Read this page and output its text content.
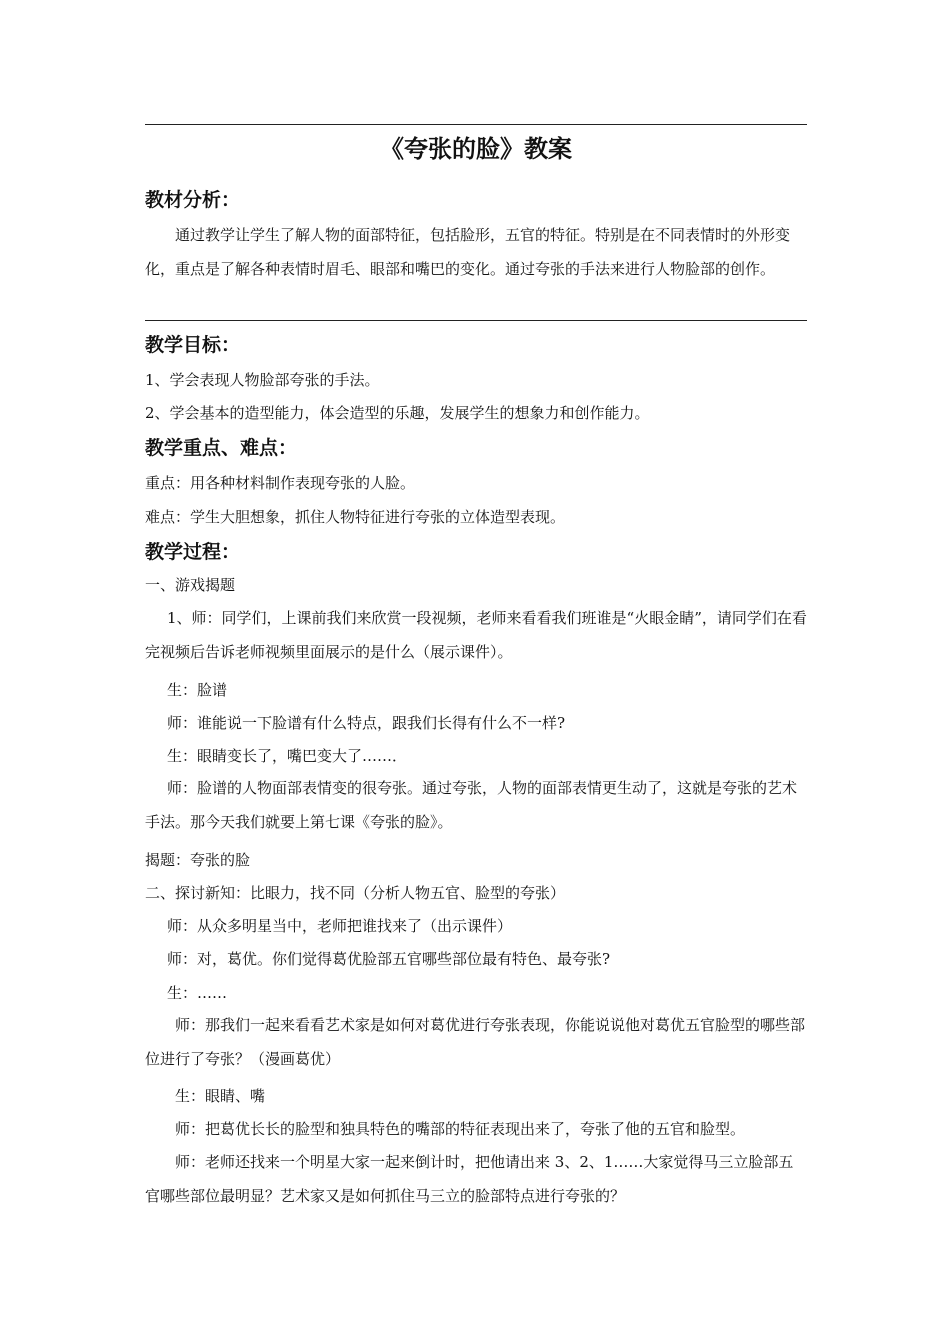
《夸张的脸》教案
教材分析：
通过教学让学生了解人物的面部特征，包括脸形，五官的特征。特别是在不同表情时的外形变化，重点是了解各种表情时眉毛、眼部和嘴巴的变化。通过夸张的手法来进行人物脸部的创作。
教学目标：
1、学会表现人物脸部夸张的手法。
2、学会基本的造型能力，体会造型的乐趣，发展学生的想象力和创作能力。
教学重点、难点：
重点：用各种材料制作表现夸张的人脸。
难点：学生大胆想象，抓住人物特征进行夸张的立体造型表现。
教学过程：
一、游戏揭题
1、师：同学们，上课前我们来欣赏一段视频，老师来看看我们班谁是“火眼金睛”，请同学们在看完视频后告诉老师视频里面展示的是什么（展示课件）。
生：脸谱
师：谁能说一下脸谱有什么特点，跟我们长得有什么不一样?
生：眼睛变长了，嘴巴变大了……．
师：脸谱的人物面部表情变的很夸张。通过夸张，人物的面部表情更生动了，这就是夸张的艺术手法。那今天我们就要上第七课《夸张的脸》。
揭题：夸张的脸
二、探讨新知：比眼力，找不同（分析人物五官、脸型的夸张）
师：从众多明星当中，老师把谁找来了（出示课件）
师：对，葛优。你们觉得葛优脸部五官哪些部位最有特色、最夸张?
生：……
师：那我们一起来看看艺术家是如何对葛优进行夸张表现，你能说说他对葛优五官脸型的哪些部位进行了夸张？（漫画葛优）
生：眼睛、嘴
师：把葛优长长的脸型和独具特色的嘴部的特征表现出来了，夸张了他的五官和脸型。
师：老师还找来一个明星大家一起来倒计时，把他请出来 3、2、1……大家觉得马三立脸部五官哪些部位最明显？艺术家又是如何抓住马三立的脸部特点进行夸张的？
